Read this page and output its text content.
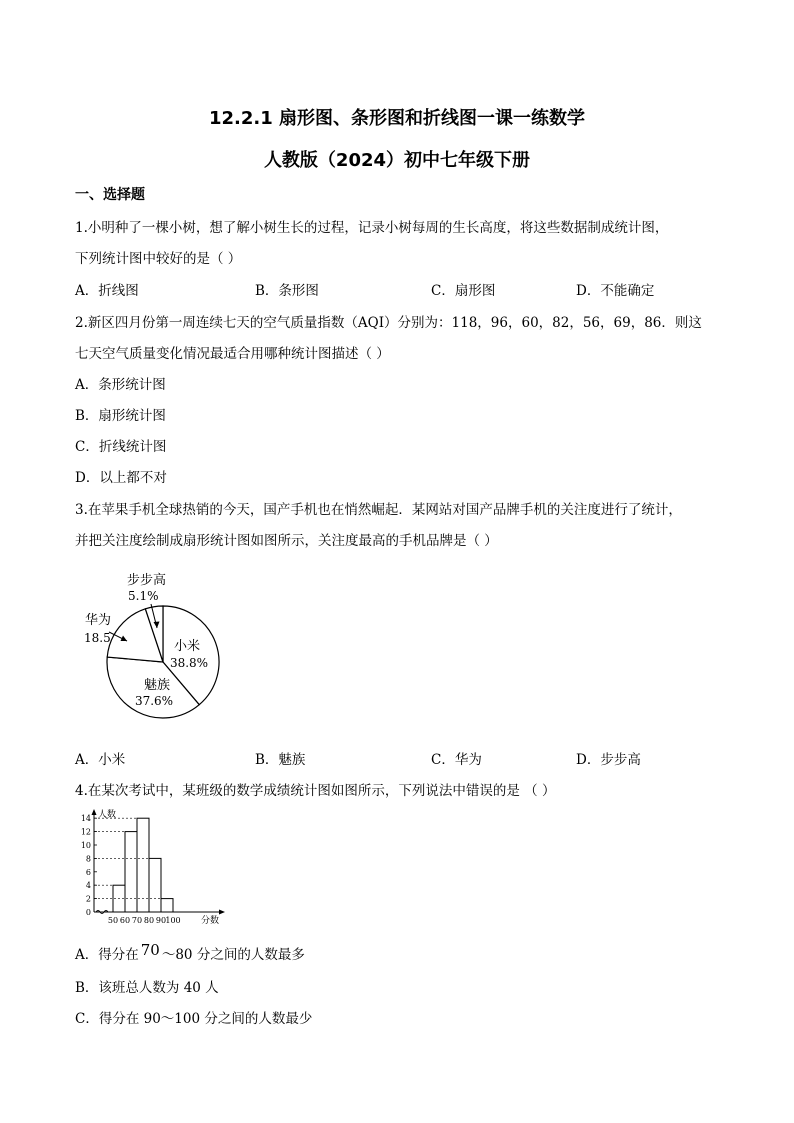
12.2.1 扇形图、条形图和折线图一课一练数学
人教版（2024）初中七年级下册
一、选择题
1.小明种了一棵小树，想了解小树生长的过程，记录小树每周的生长高度，将这些数据制成统计图，
下列统计图中较好的是（ ）
A．折线图	B．条形图	C．扇形图	D．不能确定
2.新区四月份第一周连续七天的空气质量指数（AQI）分别为：118，96，60，82，56，69，86．则这
七天空气质量变化情况最适合用哪种统计图描述（ ）
A．条形统计图
B．扇形统计图
C．折线统计图
D．以上都不对
3.在苹果手机全球热销的今天，国产手机也在悄然崛起．某网站对国产品牌手机的关注度进行了统计，
并把关注度绘制成扇形统计图如图所示，关注度最高的手机品牌是（ ）
小米
38.8%
魅族
37.6%
步步高
5.1%
华为
18.5
A．小米	B．魅族	C．华为	D．步步高
4.在某次考试中，某班级的数学成绩统计图如图所示，下列说法中错误的是 （ ）
0
2
4
6
8
10
12
14 人数
50 60 70 80 90 100 分数
A．得分在 70 ～80 分之间的人数最多
B．该班总人数为 40 人
C．得分在 90～100 分之间的人数最少
